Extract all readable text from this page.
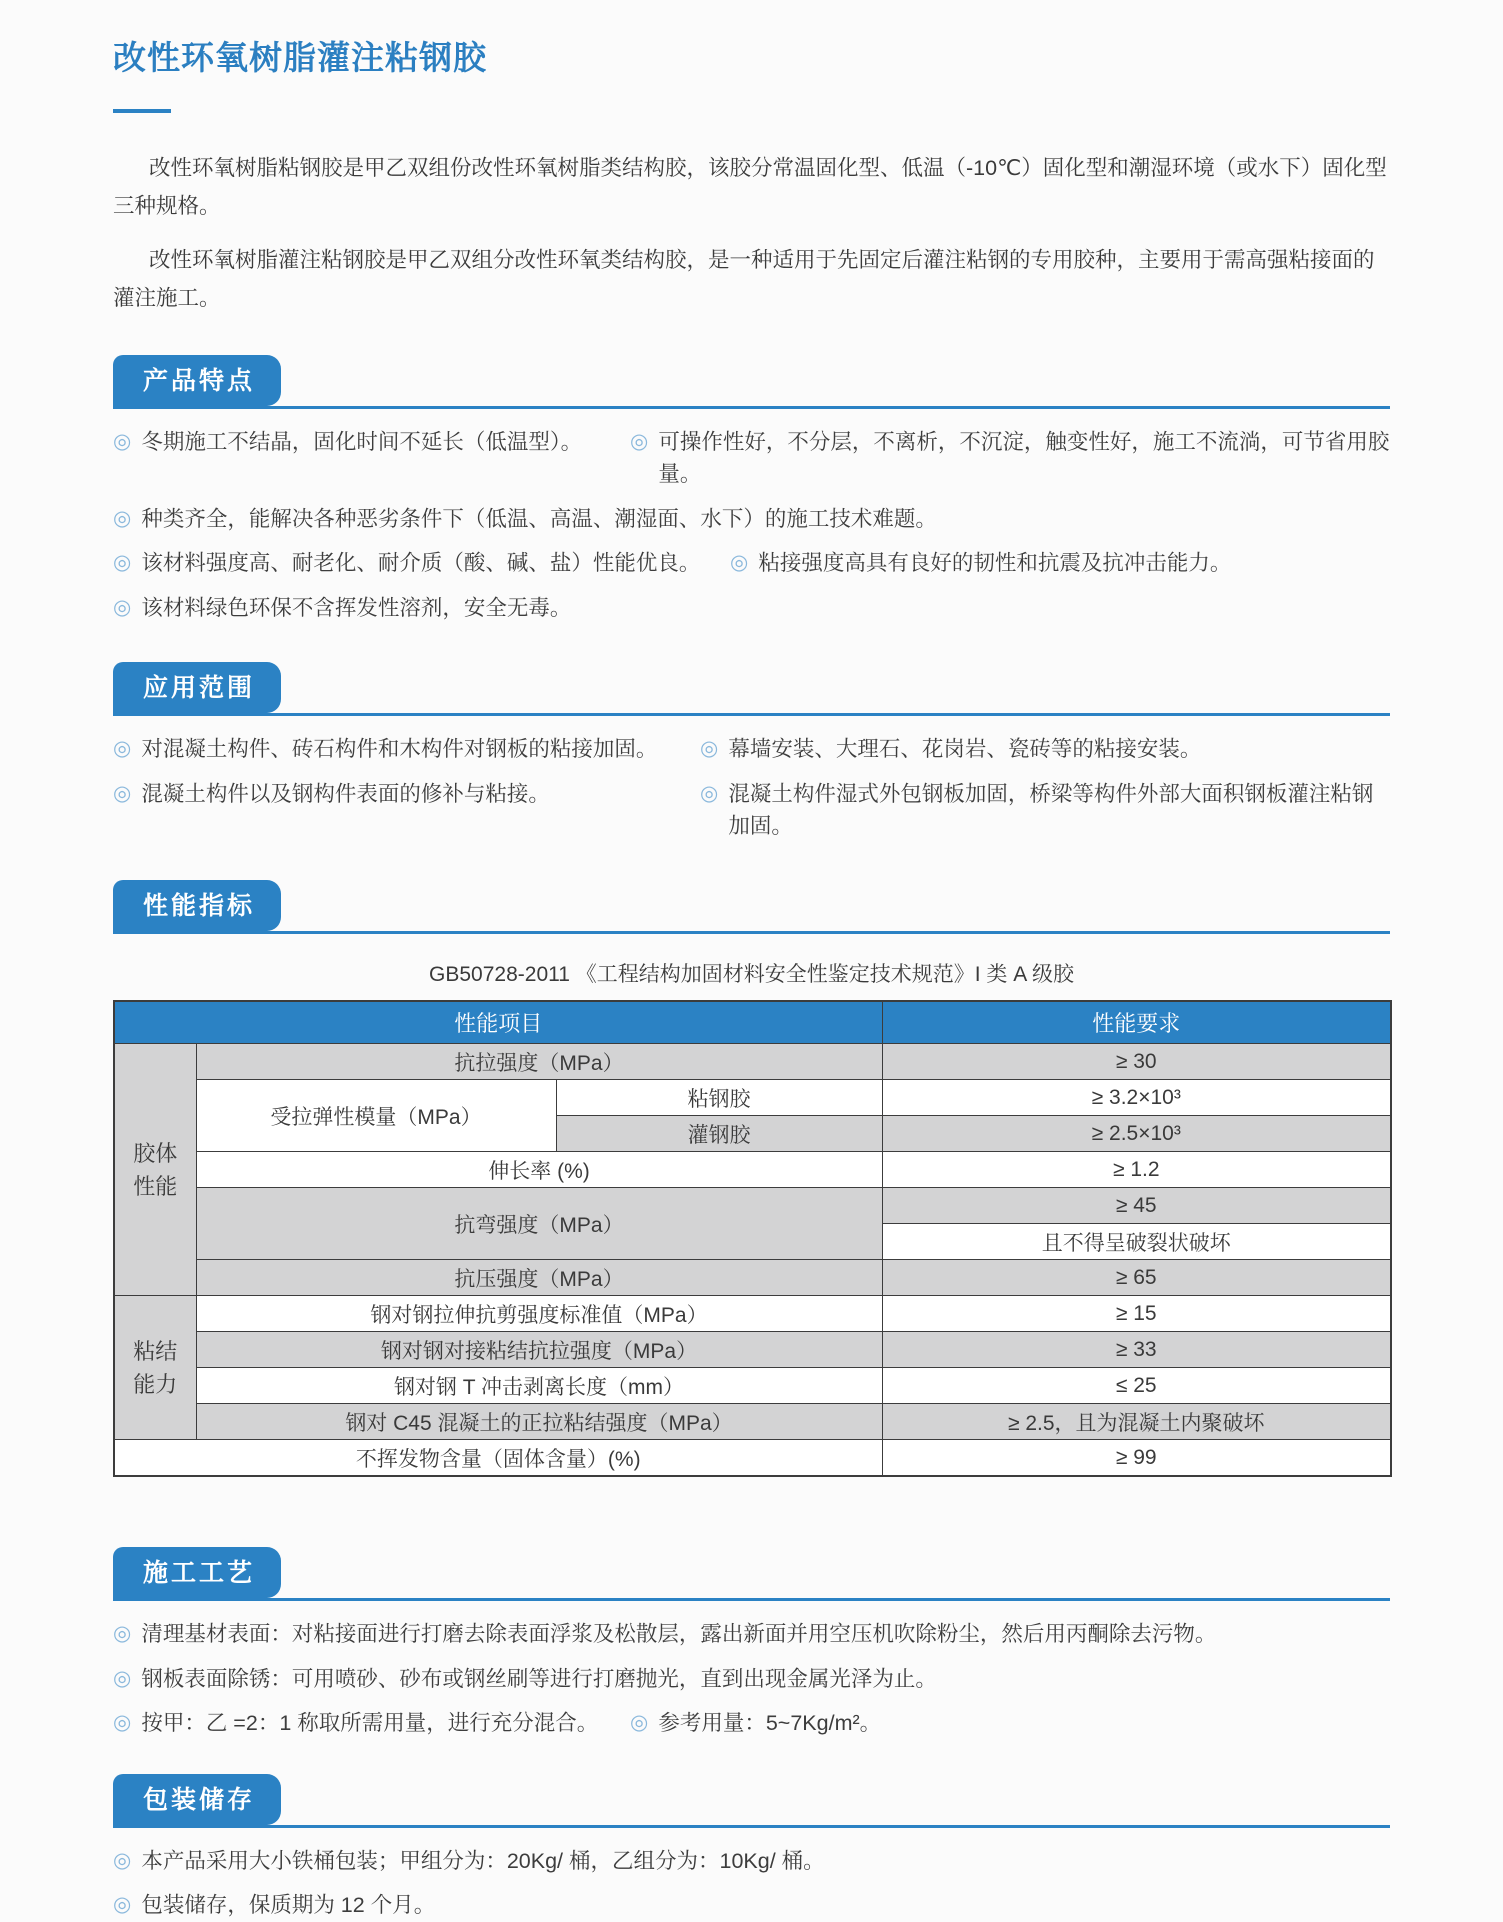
改性环氧树脂灌注粘钢胶

改性环氧树脂粘钢胶是甲乙双组份改性环氧树脂类结构胶，该胶分常温固化型、低温（-10℃）固化型和潮湿环境（或水下）固化型三种规格。

改性环氧树脂灌注粘钢胶是甲乙双组分改性环氧类结构胶，是一种适用于先固定后灌注粘钢的专用胶种，主要用于需高强粘接面的灌注施工。

产品特点
◎ 冬期施工不结晶，固化时间不延长（低温型）。 ◎ 可操作性好，不分层，不离析，不沉淀，触变性好，施工不流淌，可节省用胶量。
◎ 种类齐全，能解决各种恶劣条件下（低温、高温、潮湿面、水下）的施工技术难题。
◎ 该材料强度高、耐老化、耐介质（酸、碱、盐）性能优良。 ◎ 粘接强度高具有良好的韧性和抗震及抗冲击能力。
◎ 该材料绿色环保不含挥发性溶剂，安全无毒。
应用范围
◎ 对混凝土构件、砖石构件和木构件对钢板的粘接加固。 ◎ 幕墙安装、大理石、花岗岩、瓷砖等的粘接安装。
◎ 混凝土构件以及钢构件表面的修补与粘接。	◎ 混凝土构件湿式外包钢板加固，桥梁等构件外部大面积钢板灌注粘钢加固。
性能指标
GB50728-2011 《工程结构加固材料安全性鉴定技术规范》I 类 A 级胶
性能项目			性能要求
胶体性能	抗拉强度（MPa）		≥ 30
	受拉弹性模量（MPa）	粘钢胶	≥ 3.2×10³
		灌钢胶	≥ 2.5×10³
	伸长率 (%)		≥ 1.2
	抗弯强度（MPa）		≥ 45
			且不得呈破裂状破坏
	抗压强度（MPa）		≥ 65
粘结能力	钢对钢拉伸抗剪强度标准值（MPa）		≥ 15
	钢对钢对接粘结抗拉强度（MPa）		≥ 33
	钢对钢 T 冲击剥离长度（mm）		≤ 25
	钢对 C45 混凝土的正拉粘结强度（MPa）		≥ 2.5，且为混凝土内聚破坏
不挥发物含量（固体含量）(%)			≥ 99
施工工艺
◎ 清理基材表面：对粘接面进行打磨去除表面浮浆及松散层，露出新面并用空压机吹除粉尘，然后用丙酮除去污物。
◎ 钢板表面除锈：可用喷砂、砂布或钢丝刷等进行打磨抛光，直到出现金属光泽为止。
◎ 按甲：乙 =2：1 称取所需用量，进行充分混合。 ◎ 参考用量：5~7Kg/m²。
包装储存
◎ 本产品采用大小铁桶包装；甲组分为：20Kg/ 桶，乙组分为：10Kg/ 桶。
◎ 包装储存，保质期为 12 个月。
